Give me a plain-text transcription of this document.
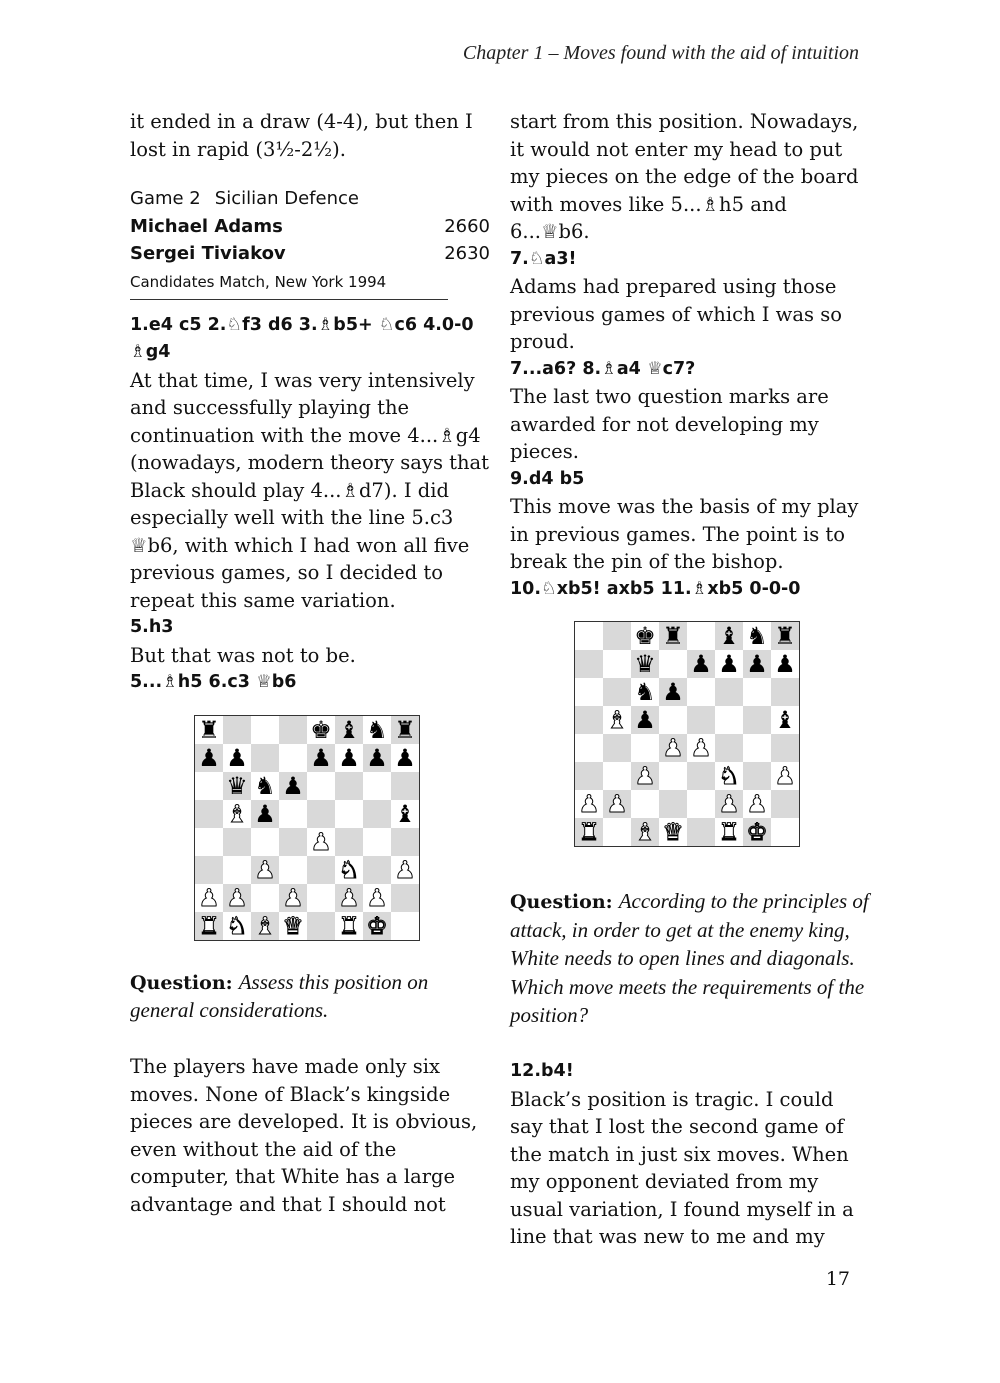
Chapter 1 – Moves found with the aid of intuition

it ended in a draw (4-4), but then I lost in rapid (3½-2½).

Game 2 Sicilian Defence
Michael Adams	2660
Sergei Tiviakov	2630
Candidates Match, New York 1994

1.e4 c5 2.♘f3 d6 3.♗b5+ ♘c6 4.0-0 ♗g4

At that time, I was very intensively and successfully playing the continuation with the move 4...♗g4 (nowadays, modern theory says that Black should play 4...♗d7). I did especially well with the line 5.c3 ♕b6, with which I had won all five previous games, so I decided to repeat this same variation.

5.h3

But that was not to be.

5...♗h5 6.c3 ♕b6

♜	♚ ♝ ♞ ♜
♟ ♟	♟ ♟ ♟ ♟
♛ ♞ ♟
♝ ♟	♝
♟
♟	♞ ♟
♟ ♟ ♟ ♟ ♟
♜ ♞ ♝ ♛ ♜ ♚

Question: Assess this position on general considerations.

The players have made only six moves. None of Black’s kingside pieces are developed. It is obvious, even without the aid of the computer, that White has a large advantage and that I should not

start from this position. Nowadays, it would not enter my head to put my pieces on the edge of the board with moves like 5...♗h5 and 6...♕b6.

7.♘a3!

Adams had prepared using those previous games of which I was so proud.

7...a6? 8.♗a4 ♕c7?

The last two question marks are awarded for not developing my pieces.

9.d4 b5

This move was the basis of my play in previous games. The point is to break the pin of the bishop.

10.♘xb5! axb5 11.♗xb5 0-0-0

♚ ♜ ♝ ♞ ♜
♛ ♟ ♟ ♟ ♟
♞ ♟
♝ ♟	♝
♟ ♟
♟	♞ ♟
♟ ♟	♟ ♟
♜ ♝ ♛ ♜ ♚

Question: According to the principles of attack, in order to get at the enemy king, White needs to open lines and diagonals. Which move meets the requirements of the position?

12.b4!

Black’s position is tragic. I could say that I lost the second game of the match in just six moves. When my opponent deviated from my usual variation, I found myself in a line that was new to me and my

17
